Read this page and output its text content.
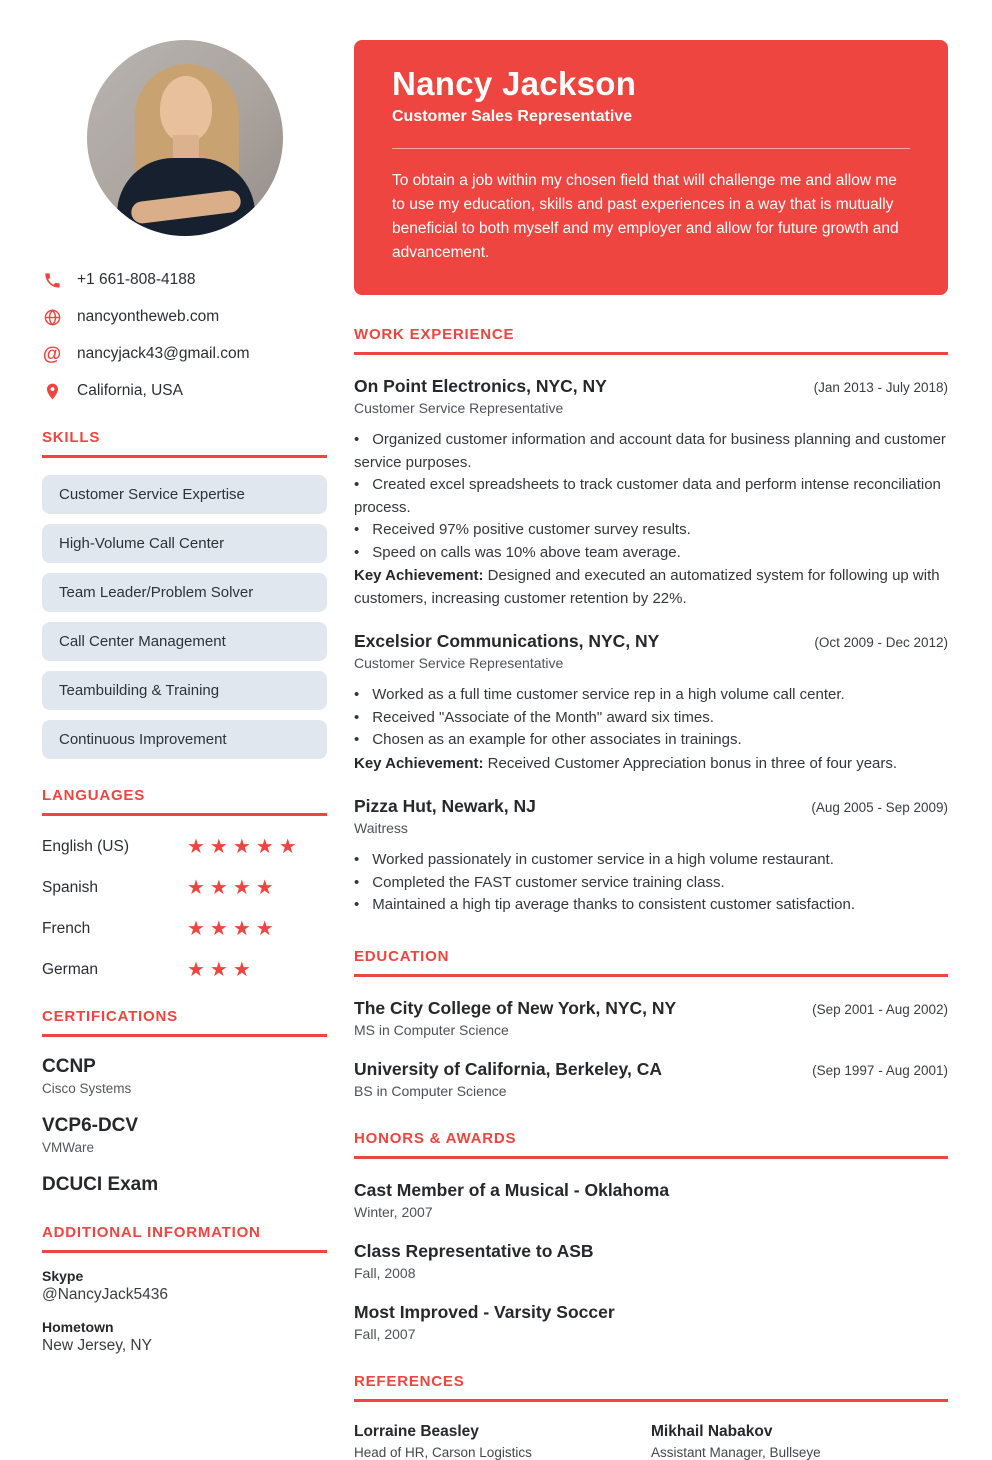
+1 661-808-4188
nancyontheweb.com
@ nancyjack43@gmail.com
California, USA
SKILLS
Customer Service Expertise
High-Volume Call Center
Team Leader/Problem Solver
Call Center Management
Teambuilding & Training
Continuous Improvement
LANGUAGES
English (US)	★★★★★
Spanish	★★★★
French	★★★★
German	★★★
CERTIFICATIONS
CCNP
Cisco Systems
VCP6-DCV
VMWare
DCUCI Exam
ADDITIONAL INFORMATION
Skype
@NancyJack5436
Hometown
New Jersey, NY
Nancy Jackson

Customer Sales Representative

To obtain a job within my chosen field that will challenge me and allow me to use my education, skills and past experiences in a way that is mutually beneficial to both myself and my employer and allow for future growth and advancement.

WORK EXPERIENCE
On Point Electronics, NYC, NY	(Jan 2013 - July 2018)
Customer Service Representative
• Organized customer information and account data for business planning and customer service purposes.
• Created excel spreadsheets to track customer data and perform intense reconciliation process.
• Received 97% positive customer survey results.
• Speed on calls was 10% above team average.

Key Achievement: Designed and executed an automatized system for following up with customers, increasing customer retention by 22%.

Excelsior Communications, NYC, NY	(Oct 2009 - Dec 2012)
Customer Service Representative
• Worked as a full time customer service rep in a high volume call center.
• Received "Associate of the Month" award six times.
• Chosen as an example for other associates in trainings.

Key Achievement: Received Customer Appreciation bonus in three of four years.

Pizza Hut, Newark, NJ	(Aug 2005 - Sep 2009)
Waitress
• Worked passionately in customer service in a high volume restaurant.
• Completed the FAST customer service training class.
• Maintained a high tip average thanks to consistent customer satisfaction.
EDUCATION
The City College of New York, NYC, NY	(Sep 2001 - Aug 2002)
MS in Computer Science
University of California, Berkeley, CA	(Sep 1997 - Aug 2001)
BS in Computer Science
HONORS & AWARDS
Cast Member of a Musical - Oklahoma
Winter, 2007
Class Representative to ASB
Fall, 2008
Most Improved - Varsity Soccer
Fall, 2007
REFERENCES
Lorraine Beasley
Head of HR, Carson Logistics
Mikhail Nabakov
Assistant Manager, Bullseye
